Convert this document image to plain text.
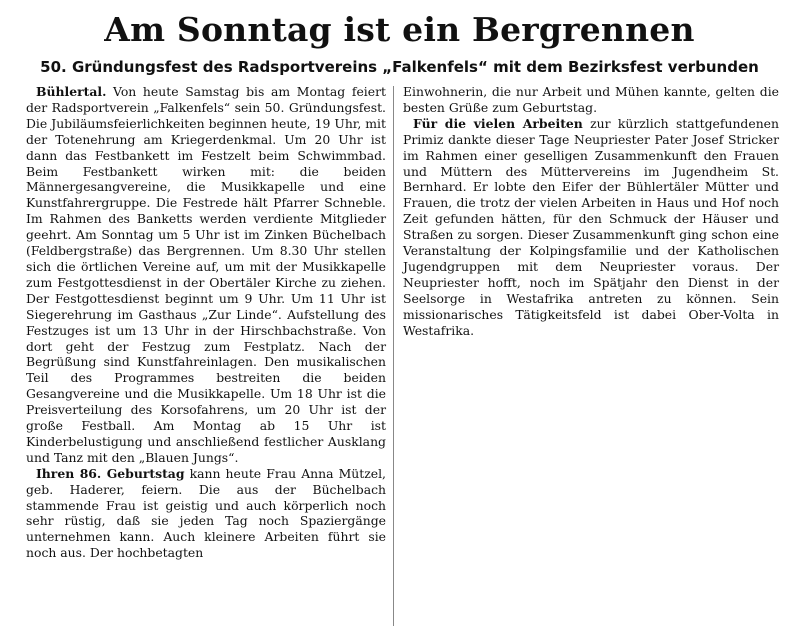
Am Sonntag ist ein Bergrennen
50. Gründungsfest des Radsportvereins „Falkenfels“ mit dem Bezirksfest verbunden

Bühlertal. Von heute Samstag bis am Montag feiert der Radsportverein „Falkenfels“ sein 50. Gründungsfest. Die Jubiläumsfeierlichkeiten beginnen heute, 19 Uhr, mit der Totenehrung am Kriegerdenkmal. Um 20 Uhr ist dann das Festbankett im Festzelt beim Schwimmbad. Beim Festbankett wirken mit: die beiden Männergesangvereine, die Musikkapelle und eine Kunstfahrergruppe. Die Festrede hält Pfarrer Schneble. Im Rahmen des Banketts werden verdiente Mitglieder geehrt. Am Sonntag um 5 Uhr ist im Zinken Büchelbach (Feldbergstraße) das Bergrennen. Um 8.30 Uhr stellen sich die örtlichen Vereine auf, um mit der Musikkapelle zum Festgottesdienst in der Obertäler Kirche zu ziehen. Der Festgottesdienst beginnt um 9 Uhr. Um 11 Uhr ist Siegerehrung im Gasthaus „Zur Linde“. Aufstellung des Festzuges ist um 13 Uhr in der Hirschbachstraße. Von dort geht der Festzug zum Festplatz. Nach der Begrüßung sind Kunstfahreinlagen. Den musikalischen Teil des Programmes bestreiten die beiden Gesangvereine und die Musikkapelle. Um 18 Uhr ist die Preisverteilung des Korsofahrens, um 20 Uhr ist der große Festball. Am Montag ab 15 Uhr ist Kinderbelustigung und anschließend festlicher Ausklang und Tanz mit den „Blauen Jungs“.

Ihren 86. Geburtstag kann heute Frau Anna Mützel, geb. Haderer, feiern. Die aus der Büchelbach stammende Frau ist geistig und auch körperlich noch sehr rüstig, daß sie jeden Tag noch Spaziergänge unternehmen kann. Auch kleinere Arbeiten führt sie noch aus. Der hochbetagten

Einwohnerin, die nur Arbeit und Mühen kannte, gelten die besten Grüße zum Geburtstag.

Für die vielen Arbeiten zur kürzlich stattgefundenen Primiz dankte dieser Tage Neupriester Pater Josef Stricker im Rahmen einer geselligen Zusammenkunft den Frauen und Müttern des Müttervereins im Jugendheim St. Bernhard. Er lobte den Eifer der Bühlertäler Mütter und Frauen, die trotz der vielen Arbeiten in Haus und Hof noch Zeit gefunden hätten, für den Schmuck der Häuser und Straßen zu sorgen. Dieser Zusammenkunft ging schon eine Veranstaltung der Kolpingsfamilie und der Katholischen Jugendgruppen mit dem Neupriester voraus. Der Neupriester hofft, noch im Spätjahr den Dienst in der Seelsorge in Westafrika antreten zu können. Sein missionarisches Tätigkeitsfeld ist dabei Ober-Volta in Westafrika.
